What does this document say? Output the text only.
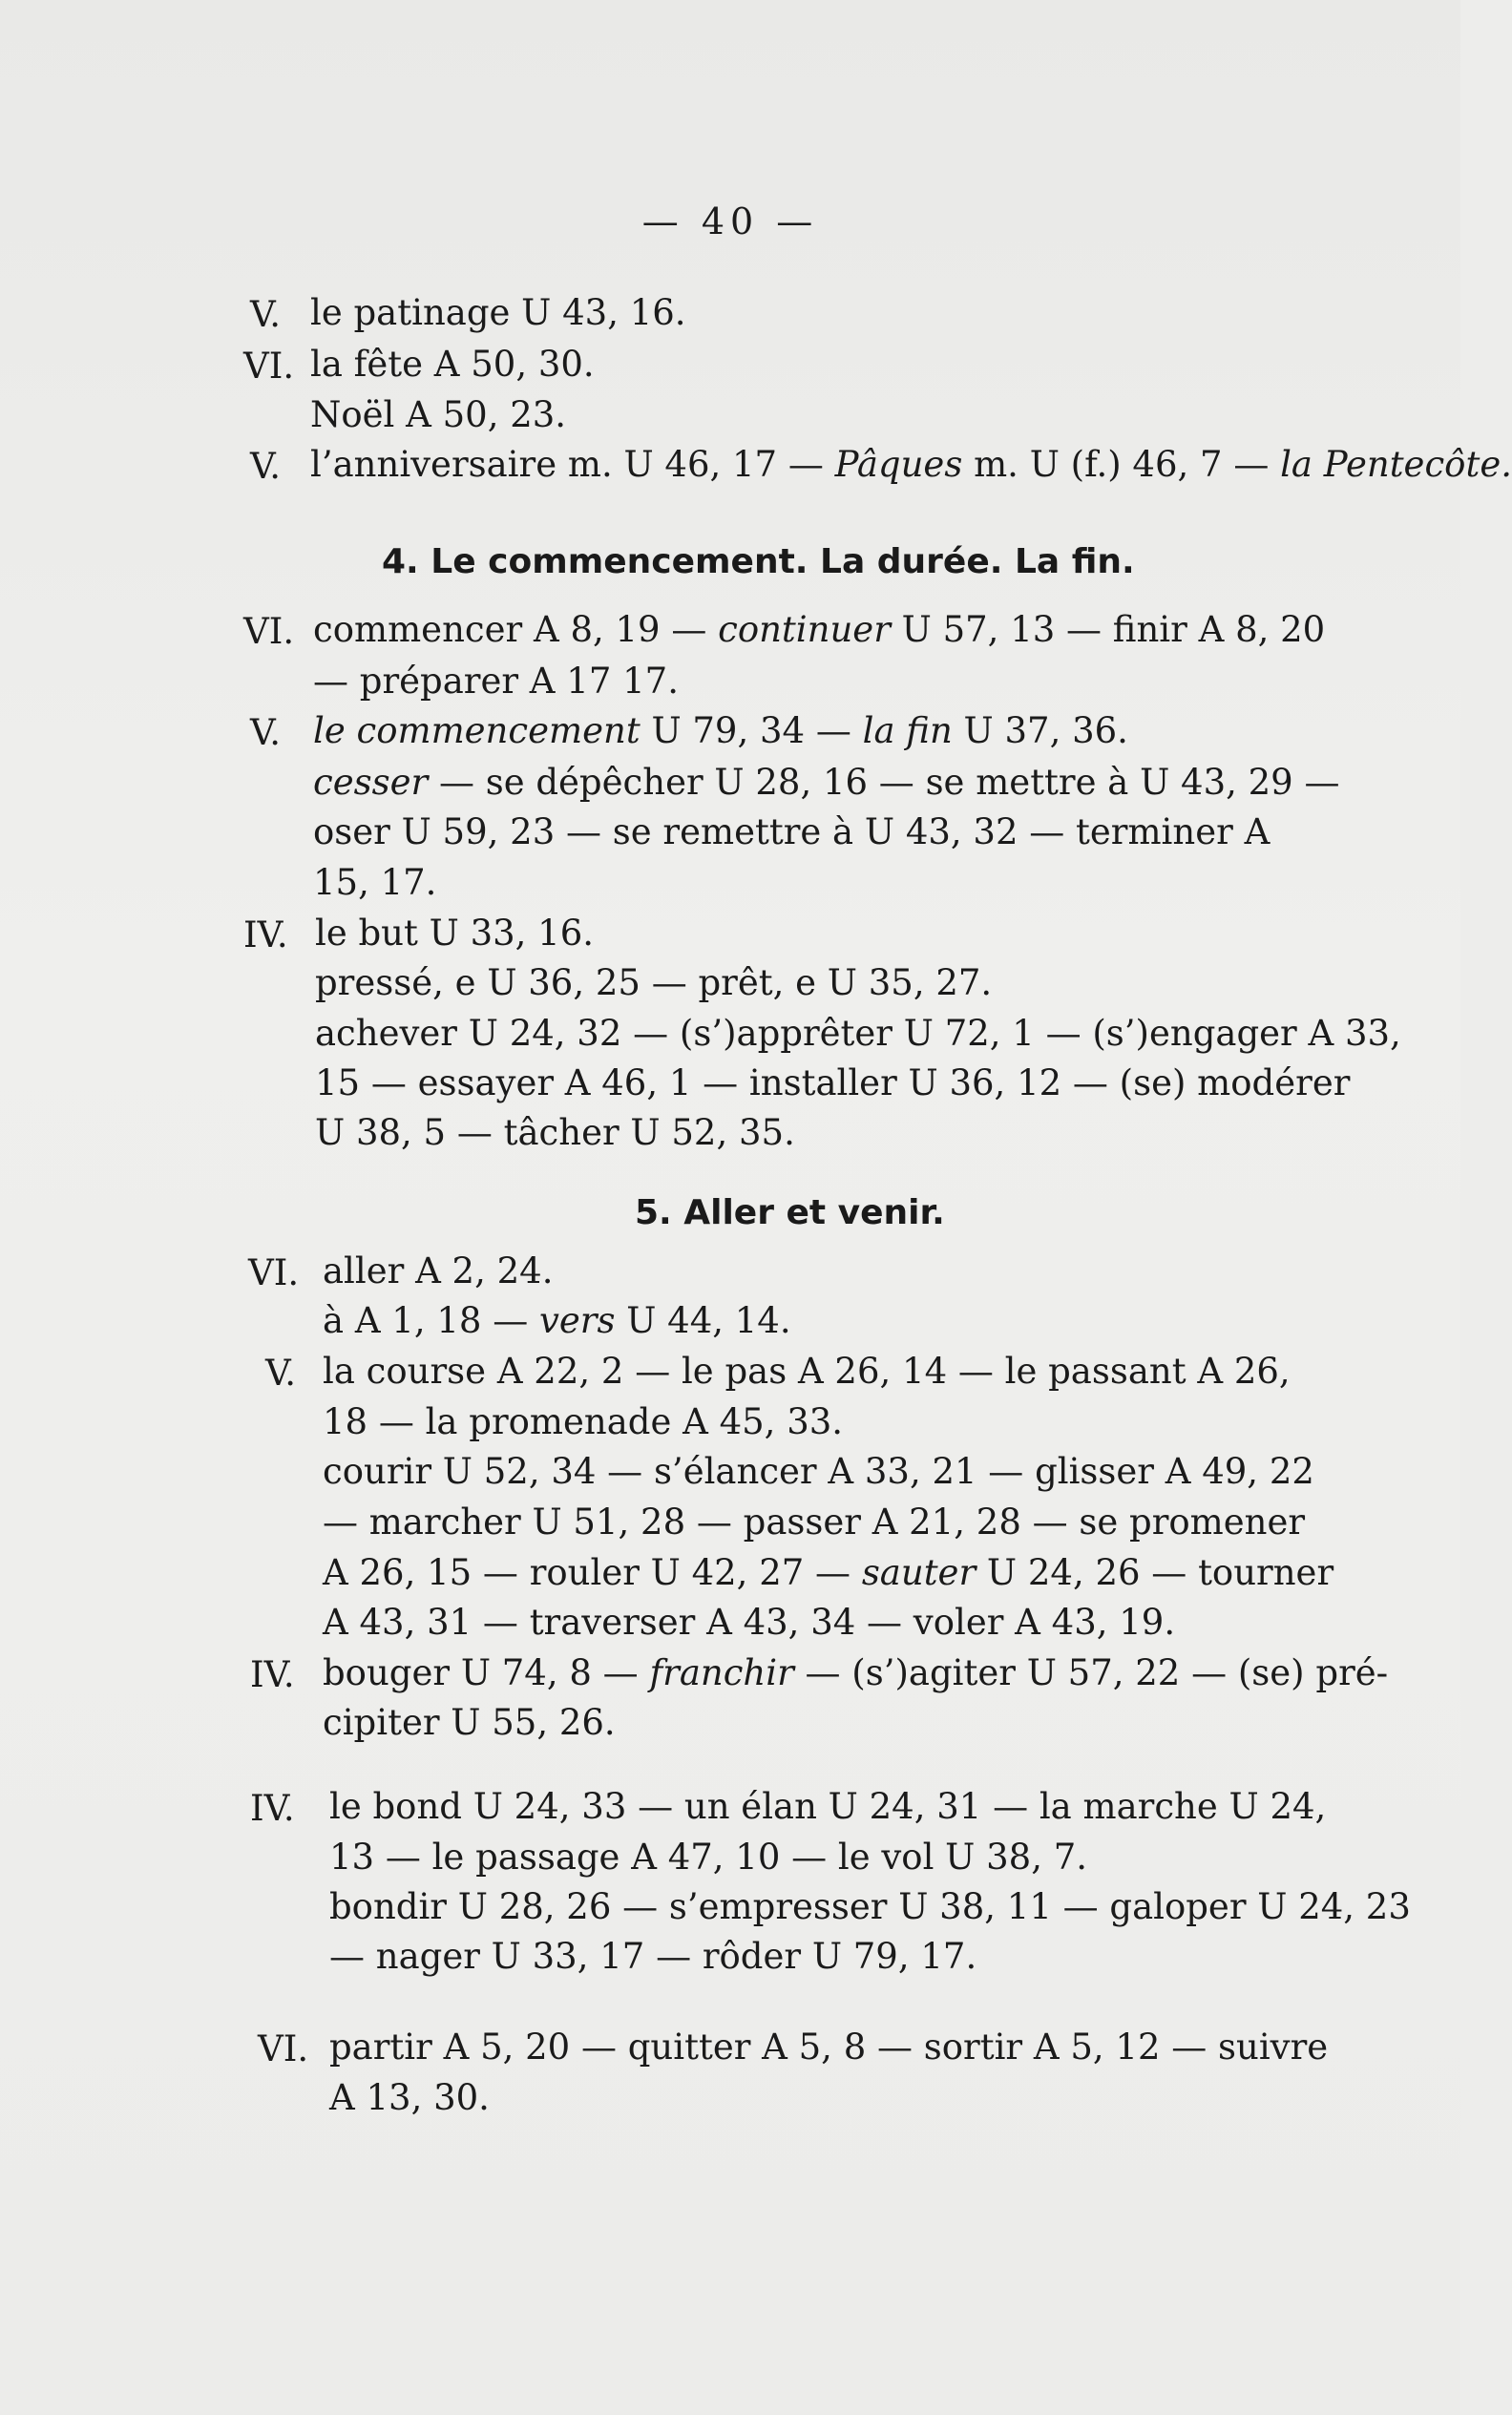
— 40 —
V. le patinage U 43, 16.
VI. la fête A 50, 30.
Noël A 50, 23.
V. l’anniversaire m. U 46, 17 — Pâques m. U (f.) 46, 7 — la Pentecôte.
4. Le commencement. La durée. La fin.
VI. commencer A 8, 19 — continuer U 57, 13 — finir A 8, 20
— préparer A 17 17.
V. le commencement U 79, 34 — la fin U 37, 36.
cesser — se dépêcher U 28, 16 — se mettre à U 43, 29 —
oser U 59, 23 — se remettre à U 43, 32 — terminer A
15, 17.
IV. le but U 33, 16.
pressé, e U 36, 25 — prêt, e U 35, 27.
achever U 24, 32 — (s’)apprêter U 72, 1 — (s’)engager A 33,
15 — essayer A 46, 1 — installer U 36, 12 — (se) modérer
U 38, 5 — tâcher U 52, 35.
5. Aller et venir.
VI. aller A 2, 24.
à A 1, 18 — vers U 44, 14.
V. la course A 22, 2 — le pas A 26, 14 — le passant A 26,
18 — la promenade A 45, 33.
courir U 52, 34 — s’élancer A 33, 21 — glisser A 49, 22
— marcher U 51, 28 — passer A 21, 28 — se promener
A 26, 15 — rouler U 42, 27 — sauter U 24, 26 — tourner
A 43, 31 — traverser A 43, 34 — voler A 43, 19.
IV. bouger U 74, 8 — franchir — (s’)agiter U 57, 22 — (se) pré-
cipiter U 55, 26.
IV. le bond U 24, 33 — un élan U 24, 31 — la marche U 24,
13 — le passage A 47, 10 — le vol U 38, 7.
bondir U 28, 26 — s’empresser U 38, 11 — galoper U 24, 23
— nager U 33, 17 — rôder U 79, 17.
VI. partir A 5, 20 — quitter A 5, 8 — sortir A 5, 12 — suivre
A 13, 30.
